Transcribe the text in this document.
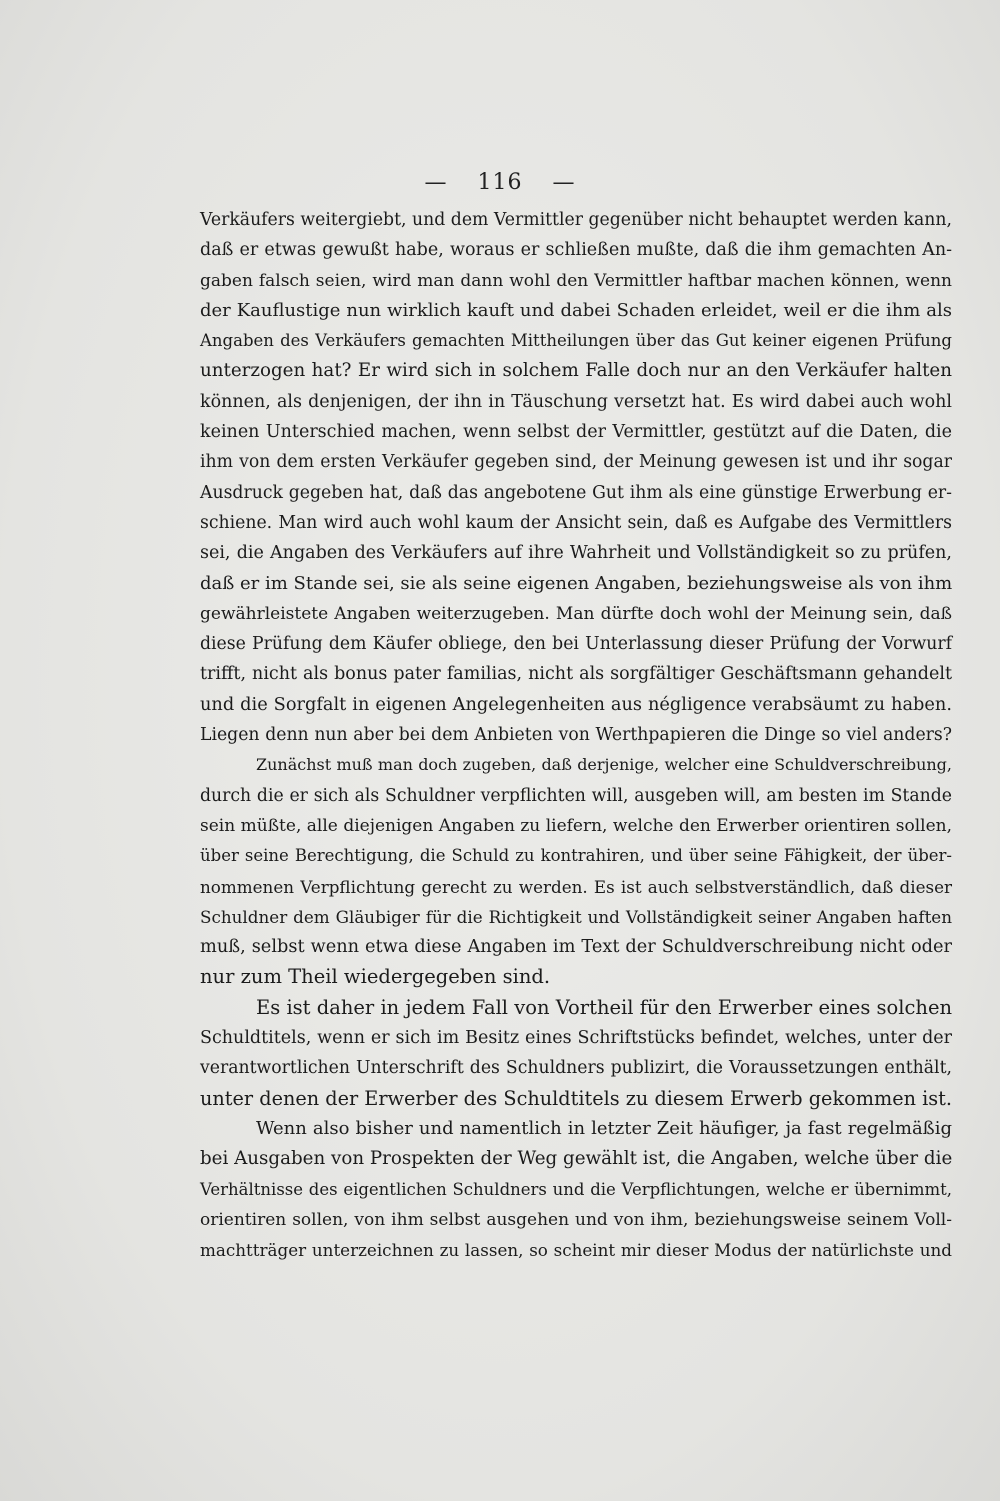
— 116 —
Verkäufers weitergiebt, und dem Vermittler gegenüber nicht behauptet werden kann,
daß er etwas gewußt habe, woraus er schließen mußte, daß die ihm gemachten An-
gaben falsch seien, wird man dann wohl den Vermittler haftbar machen können, wenn
der Kauflustige nun wirklich kauft und dabei Schaden erleidet, weil er die ihm als
Angaben des Verkäufers gemachten Mittheilungen über das Gut keiner eigenen Prüfung
unterzogen hat? Er wird sich in solchem Falle doch nur an den Verkäufer halten
können, als denjenigen, der ihn in Täuschung versetzt hat. Es wird dabei auch wohl
keinen Unterschied machen, wenn selbst der Vermittler, gestützt auf die Daten, die
ihm von dem ersten Verkäufer gegeben sind, der Meinung gewesen ist und ihr sogar
Ausdruck gegeben hat, daß das angebotene Gut ihm als eine günstige Erwerbung er-
schiene. Man wird auch wohl kaum der Ansicht sein, daß es Aufgabe des Vermittlers
sei, die Angaben des Verkäufers auf ihre Wahrheit und Vollständigkeit so zu prüfen,
daß er im Stande sei, sie als seine eigenen Angaben, beziehungsweise als von ihm
gewährleistete Angaben weiterzugeben. Man dürfte doch wohl der Meinung sein, daß
diese Prüfung dem Käufer obliege, den bei Unterlassung dieser Prüfung der Vorwurf
trifft, nicht als bonus pater familias, nicht als sorgfältiger Geschäftsmann gehandelt
und die Sorgfalt in eigenen Angelegenheiten aus négligence verabsäumt zu haben.
Liegen denn nun aber bei dem Anbieten von Werthpapieren die Dinge so viel anders?
Zunächst muß man doch zugeben, daß derjenige, welcher eine Schuldverschreibung,
durch die er sich als Schuldner verpflichten will, ausgeben will, am besten im Stande
sein müßte, alle diejenigen Angaben zu liefern, welche den Erwerber orientiren sollen,
über seine Berechtigung, die Schuld zu kontrahiren, und über seine Fähigkeit, der über-
nommenen Verpflichtung gerecht zu werden. Es ist auch selbstverständlich, daß dieser
Schuldner dem Gläubiger für die Richtigkeit und Vollständigkeit seiner Angaben haften
muß, selbst wenn etwa diese Angaben im Text der Schuldverschreibung nicht oder
nur zum Theil wiedergegeben sind.
Es ist daher in jedem Fall von Vortheil für den Erwerber eines solchen
Schuldtitels, wenn er sich im Besitz eines Schriftstücks befindet, welches, unter der
verantwortlichen Unterschrift des Schuldners publizirt, die Voraussetzungen enthält,
unter denen der Erwerber des Schuldtitels zu diesem Erwerb gekommen ist.
Wenn also bisher und namentlich in letzter Zeit häufiger, ja fast regelmäßig
bei Ausgaben von Prospekten der Weg gewählt ist, die Angaben, welche über die
Verhältnisse des eigentlichen Schuldners und die Verpflichtungen, welche er übernimmt,
orientiren sollen, von ihm selbst ausgehen und von ihm, beziehungsweise seinem Voll-
machtträger unterzeichnen zu lassen, so scheint mir dieser Modus der natürlichste und
